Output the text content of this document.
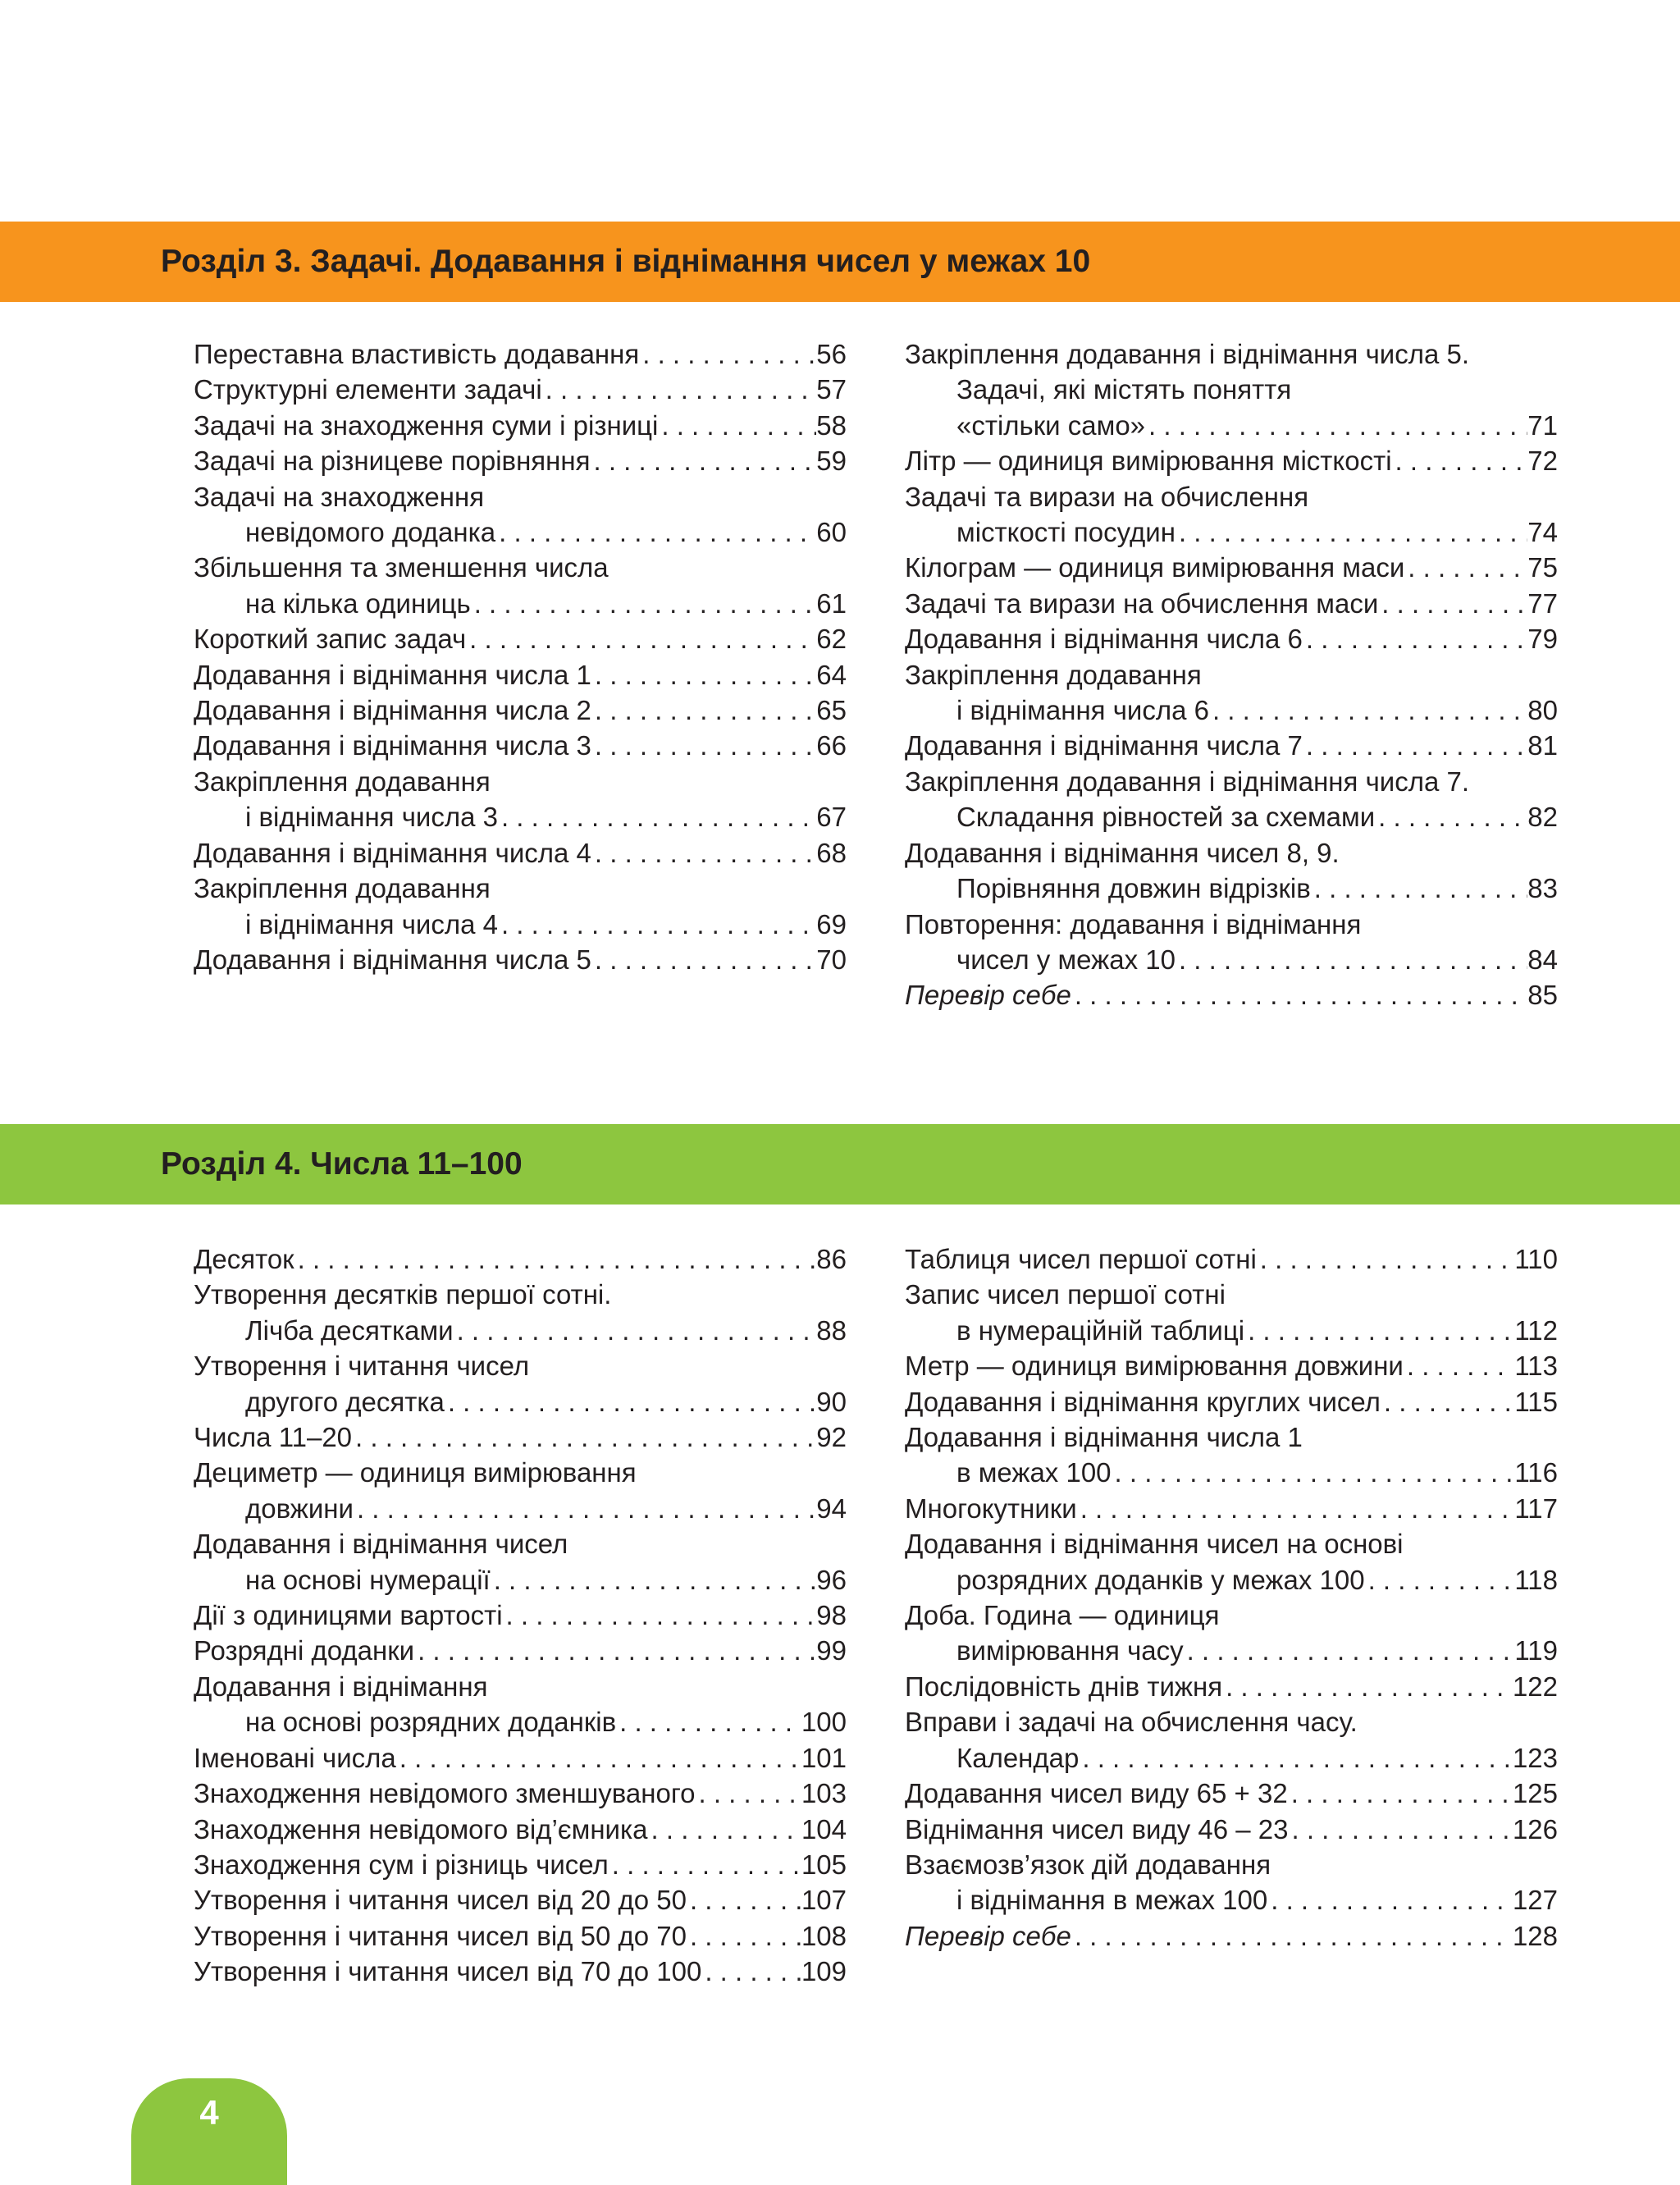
Розділ 3. Задачі. Додавання і віднімання чисел у межах 10
Переставна властивість додавання . . .	56
Структурні елементи задачі . . .	57
Задачі на знаходження суми і різниці . . .	58
Задачі на різницеве порівняння . . .	59
Задачі на знаходження
невідомого доданка . . .	60
Збільшення та зменшення числа
на кілька одиниць . . .	61
Короткий запис задач . . .	62
Додавання і віднімання числа 1 . . .	64
Додавання і віднімання числа 2 . . .	65
Додавання і віднімання числа 3 . . .	66
Закріплення додавання
і віднімання числа 3 . . .	67
Додавання і віднімання числа 4 . . .	68
Закріплення додавання
і віднімання числа 4 . . .	69
Додавання і віднімання числа 5 . . .	70
Закріплення додавання і віднімання числа 5.
Задачі, які містять поняття
«стільки само» . . .	71
Літр — одиниця вимірювання місткості . . .	72
Задачі та вирази на обчислення
місткості посудин . . .	74
Кілограм — одиниця вимірювання маси . . .	75
Задачі та вирази на обчислення маси . . .	77
Додавання і віднімання числа 6 . . .	79
Закріплення додавання
і віднімання числа 6 . . .	80
Додавання і віднімання числа 7 . . .	81
Закріплення додавання і віднімання числа 7.
Складання рівностей за схемами . . .	82
Додавання і віднімання чисел 8, 9.
Порівняння довжин відрізків . . .	83
Повторення: додавання і віднімання
чисел у межах 10 . . .	84
Перевір себе . . .	85
Розділ 4. Числа 11–100
Десяток . . .	86
Утворення десятків першої сотні.
Лічба десятками . . .	88
Утворення і читання чисел
другого десятка . . .	90
Числа 11–20 . . .	92
Дециметр — одиниця вимірювання
довжини . . .	94
Додавання і віднімання чисел
на основі нумерації . . .	96
Дії з одиницями вартості . . .	98
Розрядні доданки . . .	99
Додавання і віднімання
на основі розрядних доданків . . .	100
Іменовані числа . . .	101
Знаходження невідомого зменшуваного . . .	103
Знаходження невідомого від’ємника . . .	104
Знаходження сум і різниць чисел . . .	105
Утворення і читання чисел від 20 до 50 . . .	107
Утворення і читання чисел від 50 до 70 . . .	108
Утворення і читання чисел від 70 до 100 . . .	109
Таблиця чисел першої сотні . . .	110
Запис чисел першої сотні
в нумераційній таблиці . . .	112
Метр — одиниця вимірювання довжини . . .	113
Додавання і віднімання круглих чисел . . .	115
Додавання і віднімання числа 1
в межах 100 . . .	116
Многокутники . . .	117
Додавання і віднімання чисел на основі
розрядних доданків у межах 100 . . .	118
Доба. Година — одиниця
вимірювання часу . . .	119
Послідовність днів тижня . . .	122
Вправи і задачі на обчислення часу.
Календар . . .	123
Додавання чисел виду 65 + 32 . . .	125
Віднімання чисел виду 46 – 23 . . .	126
Взаємозв’язок дій додавання
і віднімання в межах 100 . . .	127
Перевір себе . . .	128
4
